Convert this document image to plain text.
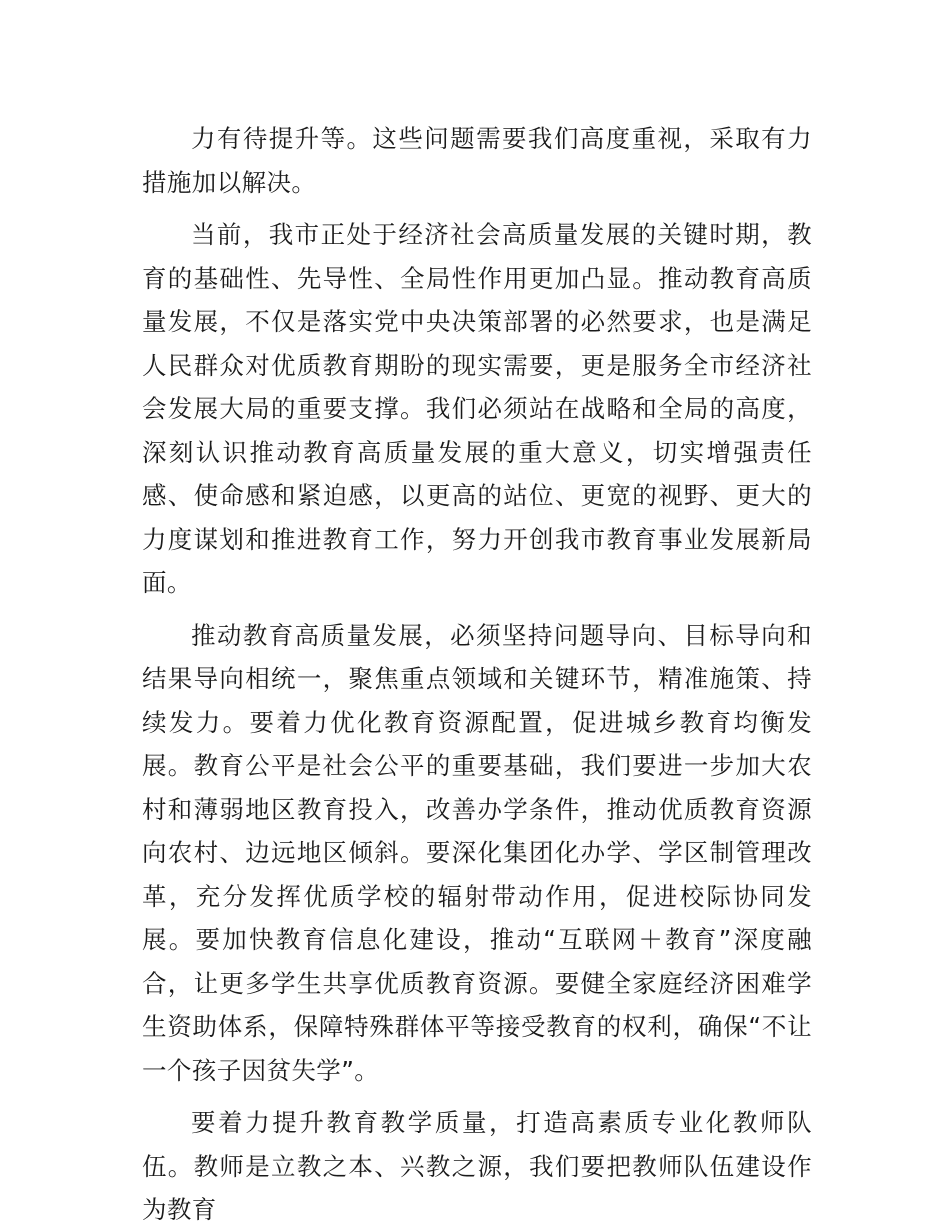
力有待提升等。这些问题需要我们高度重视，采取有力措施加以解决。

当前，我市正处于经济社会高质量发展的关键时期，教育的基础性、先导性、全局性作用更加凸显。推动教育高质量发展，不仅是落实党中央决策部署的必然要求，也是满足人民群众对优质教育期盼的现实需要，更是服务全市经济社会发展大局的重要支撑。我们必须站在战略和全局的高度，深刻认识推动教育高质量发展的重大意义，切实增强责任感、使命感和紧迫感，以更高的站位、更宽的视野、更大的力度谋划和推进教育工作，努力开创我市教育事业发展新局面。

推动教育高质量发展，必须坚持问题导向、目标导向和结果导向相统一，聚焦重点领域和关键环节，精准施策、持续发力。要着力优化教育资源配置，促进城乡教育均衡发展。教育公平是社会公平的重要基础，我们要进一步加大农村和薄弱地区教育投入，改善办学条件，推动优质教育资源向农村、边远地区倾斜。要深化集团化办学、学区制管理改革，充分发挥优质学校的辐射带动作用，促进校际协同发展。要加快教育信息化建设，推动“互联网＋教育”深度融合，让更多学生共享优质教育资源。要健全家庭经济困难学生资助体系，保障特殊群体平等接受教育的权利，确保“不让一个孩子因贫失学”。

要着力提升教育教学质量，打造高素质专业化教师队伍。教师是立教之本、兴教之源，我们要把教师队伍建设作为教育
